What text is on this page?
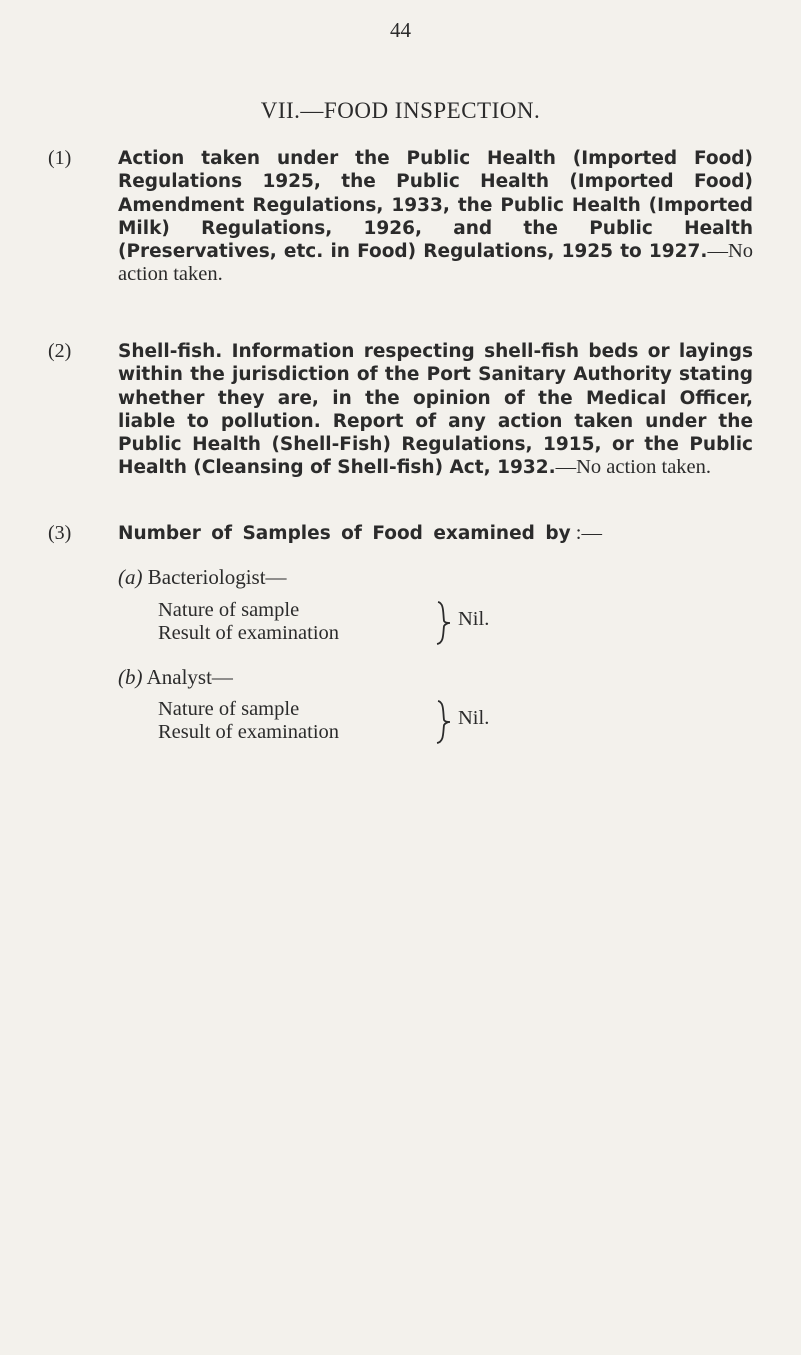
44
VII.—FOOD INSPECTION.
(1)	Action taken under the Public Health (Imported Food) Regulations 1925, the Public Health (Imported Food) Amendment Regulations, 1933, the Public Health (Imported Milk) Regulations, 1926, and the Public Health (Preservatives, etc. in Food) Regulations, 1925 to 1927.—No action taken.
(2)	Shell-fish. Information respecting shell-fish beds or layings within the jurisdiction of the Port Sanitary Authority stating whether they are, in the opinion of the Medical Officer, liable to pollution. Report of any action taken under the Public Health (Shell-Fish) Regulations, 1915, or the Public Health (Cleansing of Shell-fish) Act, 1932.—No action taken.
(3)	Number of Samples of Food examined by :—
(a) Bacteriologist—
Nature of sample
Result of examination
Nil.
(b) Analyst—
Nature of sample
Result of examination
Nil.
